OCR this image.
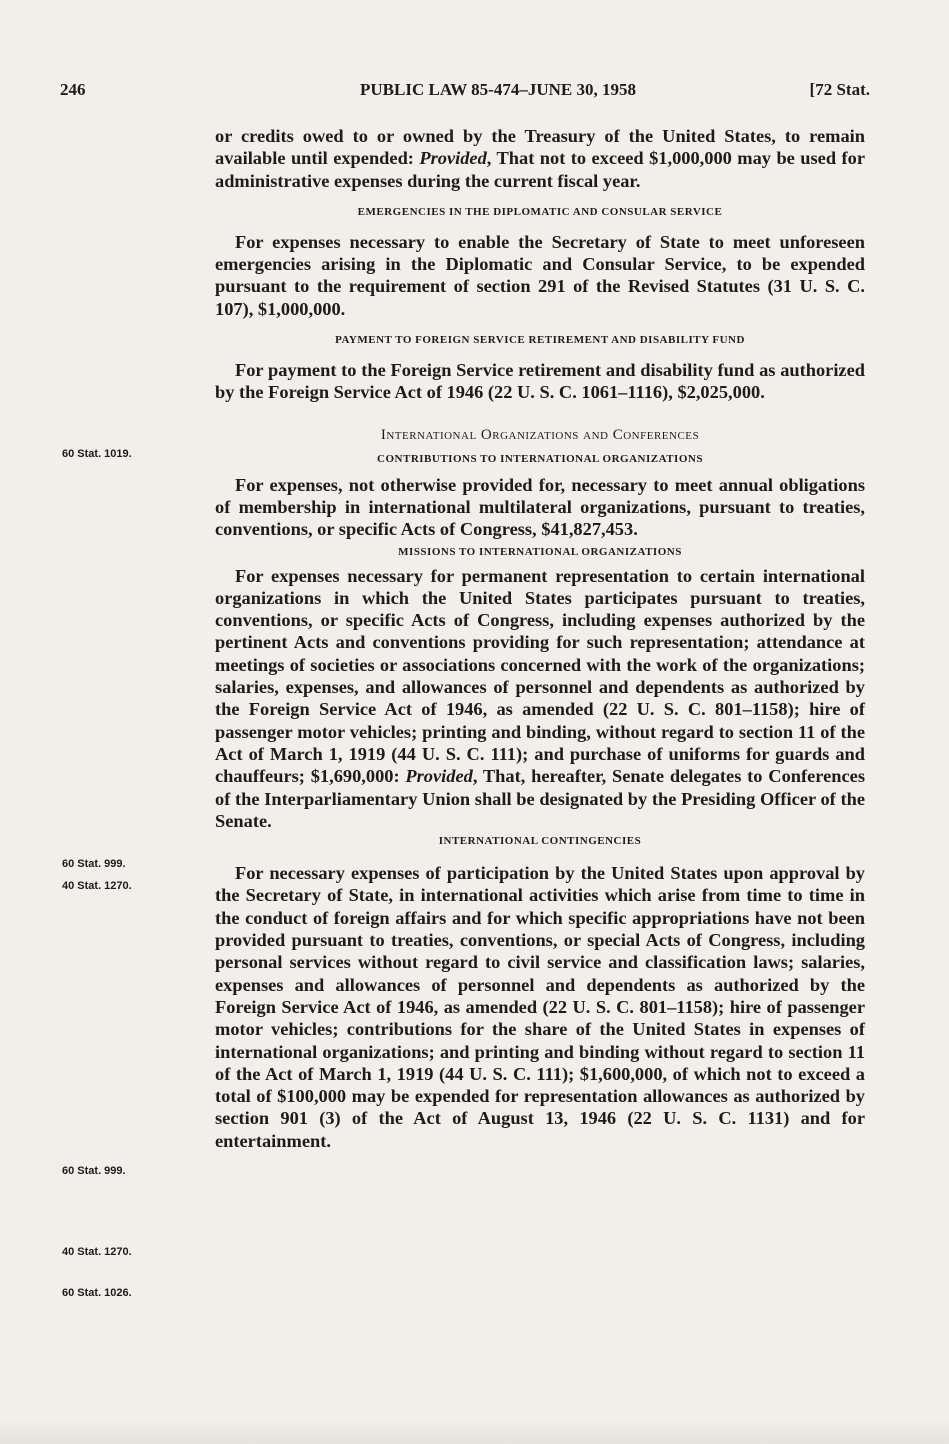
246	PUBLIC LAW 85-474–JUNE 30, 1958	[72 Stat.

or credits owed to or owned by the Treasury of the United States, to remain available until expended: Provided, That not to exceed $1,000,000 may be used for administrative expenses during the current fiscal year.

EMERGENCIES IN THE DIPLOMATIC AND CONSULAR SERVICE

For expenses necessary to enable the Secretary of State to meet unforeseen emergencies arising in the Diplomatic and Consular Service, to be expended pursuant to the requirement of section 291 of the Revised Statutes (31 U. S. C. 107), $1,000,000.

PAYMENT TO FOREIGN SERVICE RETIREMENT AND DISABILITY FUND

For payment to the Foreign Service retirement and disability fund as authorized by the Foreign Service Act of 1946 (22 U. S. C. 1061–1116), $2,025,000.

International Organizations and Conferences
CONTRIBUTIONS TO INTERNATIONAL ORGANIZATIONS

For expenses, not otherwise provided for, necessary to meet annual obligations of membership in international multilateral organizations, pursuant to treaties, conventions, or specific Acts of Congress, $41,827,453.

MISSIONS TO INTERNATIONAL ORGANIZATIONS

For expenses necessary for permanent representation to certain international organizations in which the United States participates pursuant to treaties, conventions, or specific Acts of Congress, including expenses authorized by the pertinent Acts and conventions providing for such representation; attendance at meetings of societies or associations concerned with the work of the organizations; salaries, expenses, and allowances of personnel and dependents as authorized by the Foreign Service Act of 1946, as amended (22 U. S. C. 801–1158); hire of passenger motor vehicles; printing and binding, without regard to section 11 of the Act of March 1, 1919 (44 U. S. C. 111); and purchase of uniforms for guards and chauffeurs; $1,690,000: Provided, That, hereafter, Senate delegates to Conferences of the Interparliamentary Union shall be designated by the Presiding Officer of the Senate.

INTERNATIONAL CONTINGENCIES

For necessary expenses of participation by the United States upon approval by the Secretary of State, in international activities which arise from time to time in the conduct of foreign affairs and for which specific appropriations have not been provided pursuant to treaties, conventions, or special Acts of Congress, including personal services without regard to civil service and classification laws; salaries, expenses and allowances of personnel and dependents as authorized by the Foreign Service Act of 1946, as amended (22 U. S. C. 801–1158); hire of passenger motor vehicles; contributions for the share of the United States in expenses of international organizations; and printing and binding without regard to section 11 of the Act of March 1, 1919 (44 U. S. C. 111); $1,600,000, of which not to exceed a total of $100,000 may be expended for representation allowances as authorized by section 901 (3) of the Act of August 13, 1946 (22 U. S. C. 1131) and for entertainment.

60 Stat. 1019.
60 Stat. 999.
40 Stat. 1270.
60 Stat. 999.
40 Stat. 1270.
60 Stat. 1026.
